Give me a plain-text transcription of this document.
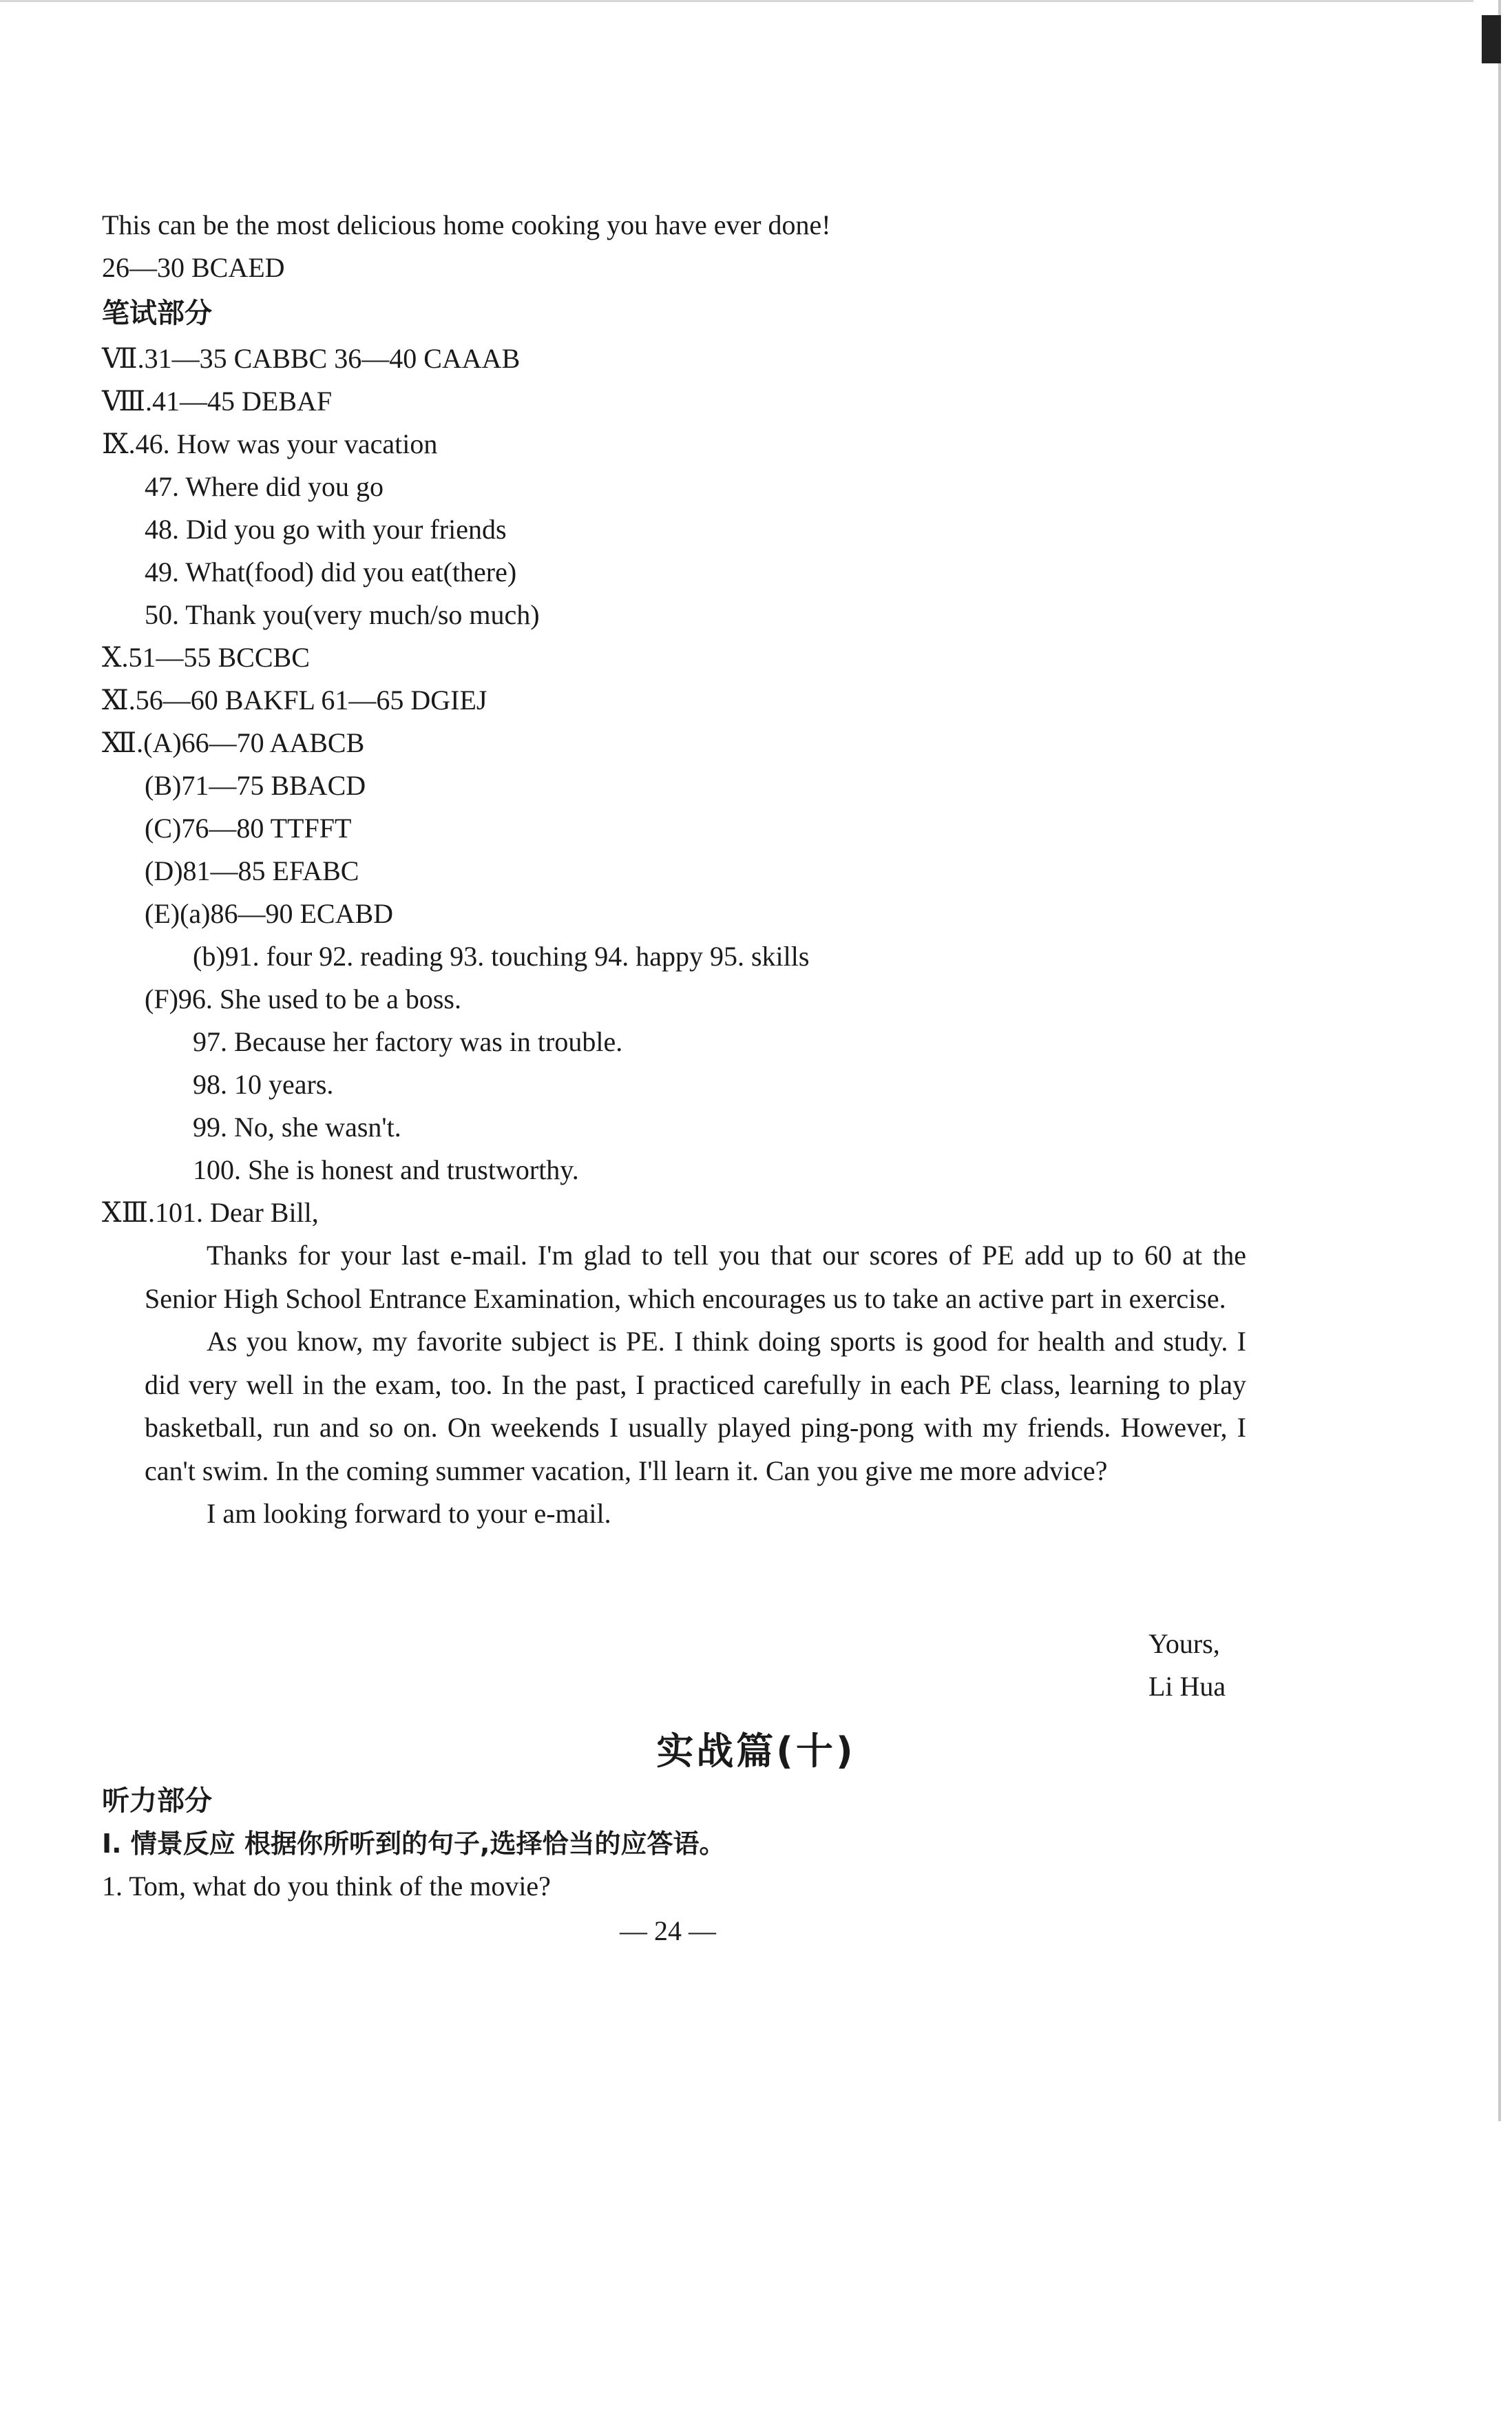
This can be the most delicious home cooking you have ever done!
26—30 BCAED
笔试部分
Ⅶ.31—35 CABBC 36—40 CAAAB
Ⅷ.41—45 DEBAF
Ⅸ.46. How was your vacation
47. Where did you go
48. Did you go with your friends
49. What(food) did you eat(there)
50. Thank you(very much/so much)
Ⅹ.51—55 BCCBC
Ⅺ.56—60 BAKFL 61—65 DGIEJ
Ⅻ.(A)66—70 AABCB
(B)71—75 BBACD
(C)76—80 TTFFT
(D)81—85 EFABC
(E)(a)86—90 ECABD
(b)91. four 92. reading 93. touching 94. happy 95. skills
(F)96. She used to be a boss.
97. Because her factory was in trouble.
98. 10 years.
99. No, she wasn't.
100. She is honest and trustworthy.
ⅩⅢ.101. Dear Bill,

Thanks for your last e-mail. I'm glad to tell you that our scores of PE add up to 60 at the Senior High School Entrance Examination, which encourages us to take an active part in exercise.

As you know, my favorite subject is PE. I think doing sports is good for health and study. I did very well in the exam, too. In the past, I practiced carefully in each PE class, learning to play basketball, run and so on. On weekends I usually played ping-pong with my friends. However, I can't swim. In the coming summer vacation, I'll learn it. Can you give me more advice?

I am looking forward to your e-mail.

Yours,
Li Hua
实战篇(十)
听力部分
Ⅰ. 情景反应 根据你所听到的句子,选择恰当的应答语。
1. Tom, what do you think of the movie?
— 24 —
